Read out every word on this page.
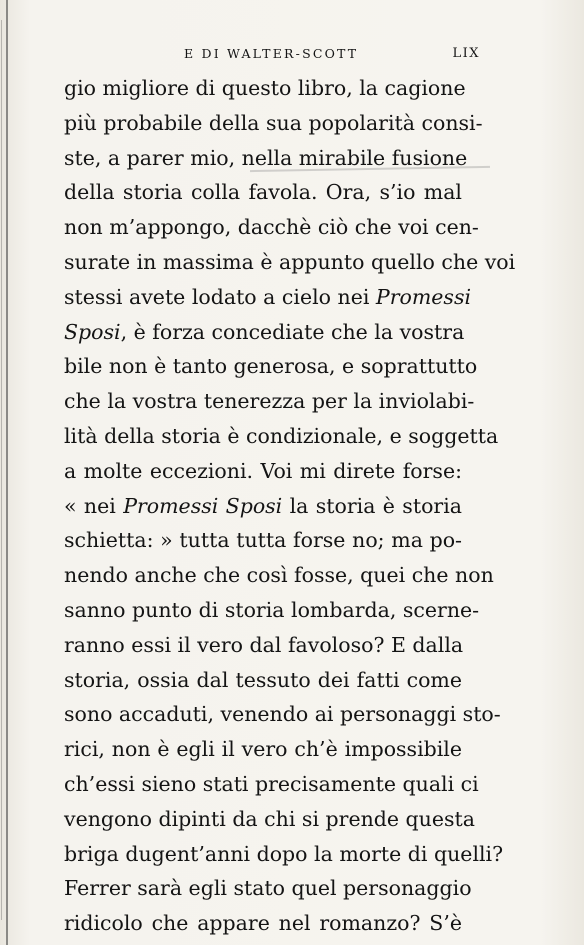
E DI WALTER-SCOTT	LIX
gio migliore di questo libro, la cagione
più probabile della sua popolarità consi-
ste, a parer mio, nella mirabile fusione
della storia colla favola. Ora, s’io mal
non m’appongo, dacchè ciò che voi cen-
surate in massima è appunto quello che voi
stessi avete lodato a cielo nei Promessi
Sposi, è forza concediate che la vostra
bile non è tanto generosa, e soprattutto
che la vostra tenerezza per la inviolabi-
lità della storia è condizionale, e soggetta
a molte eccezioni. Voi mi direte forse:
« nei Promessi Sposi la storia è storia
schietta: » tutta tutta forse no; ma po-
nendo anche che così fosse, quei che non
sanno punto di storia lombarda, scerne-
ranno essi il vero dal favoloso? E dalla
storia, ossia dal tessuto dei fatti come
sono accaduti, venendo ai personaggi sto-
rici, non è egli il vero ch’è impossibile
ch’essi sieno stati precisamente quali ci
vengono dipinti da chi si prende questa
briga dugent’anni dopo la morte di quelli?
Ferrer sarà egli stato quel personaggio
ridicolo che appare nel romanzo? S’è
